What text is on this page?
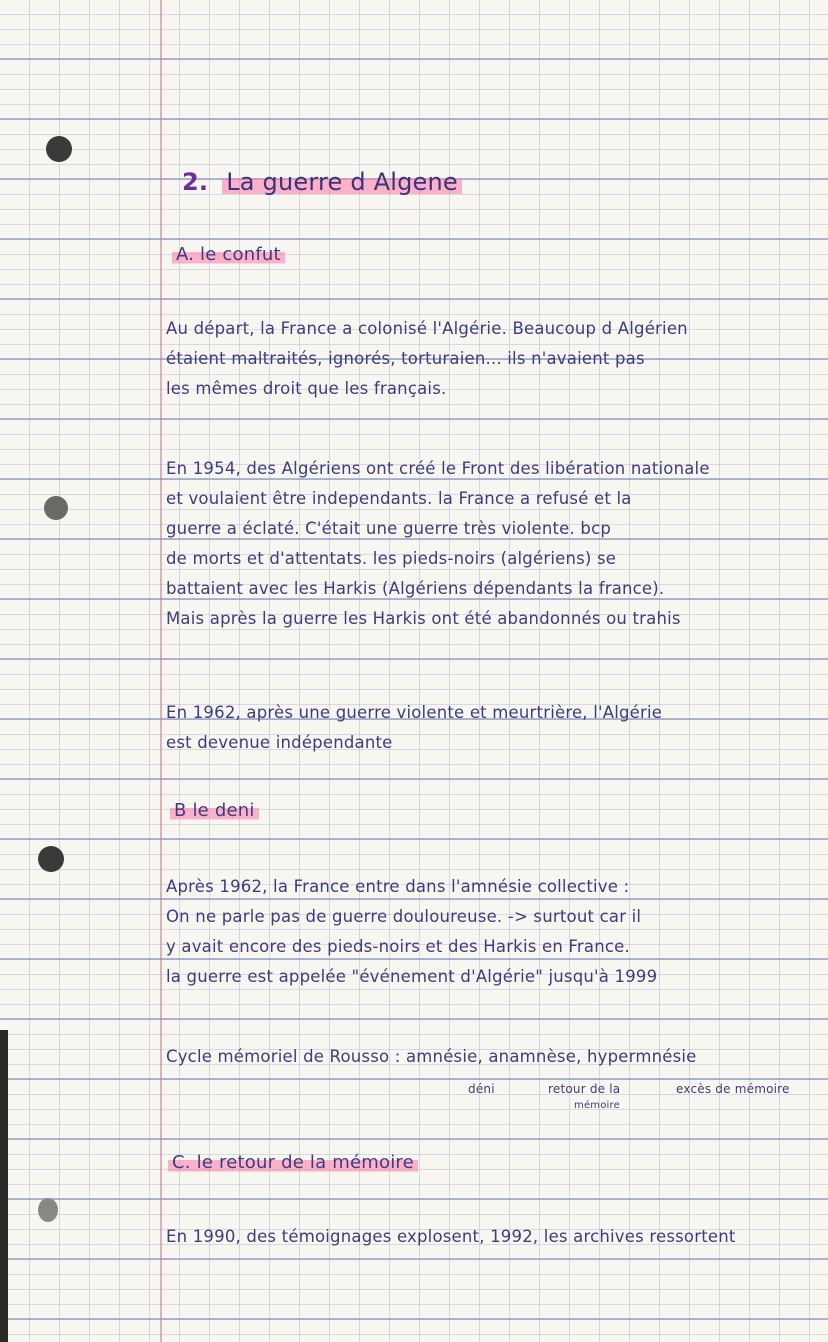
2. La guerre d Algene
A. le confut
Au départ, la France a colonisé l'Algérie. Beaucoup d Algérien
étaient maltraités, ignorés, torturaien... ils n'avaient pas
les mêmes droit que les français.
En 1954, des Algériens ont créé le Front des libération nationale
et voulaient être independants. la France a refusé et la
guerre a éclaté. C'était une guerre très violente. bcp
de morts et d'attentats. les pieds-noirs (algériens) se
battaient avec les Harkis (Algériens dépendants la france).
Mais après la guerre les Harkis ont été abandonnés ou trahis
En 1962, après une guerre violente et meurtrière, l'Algérie
est devenue indépendante
B le deni
Après 1962, la France entre dans l'amnésie collective :
On ne parle pas de guerre douloureuse. -> surtout car il
y avait encore des pieds-noirs et des Harkis en France.
la guerre est appelée "événement d'Algérie" jusqu'à 1999
Cycle mémoriel de Rousso : amnésie, anamnèse, hypermnésie
déni	retour de la
mémoire
excès de mémoire
C. le retour de la mémoire
En 1990, des témoignages explosent, 1992, les archives ressortent
